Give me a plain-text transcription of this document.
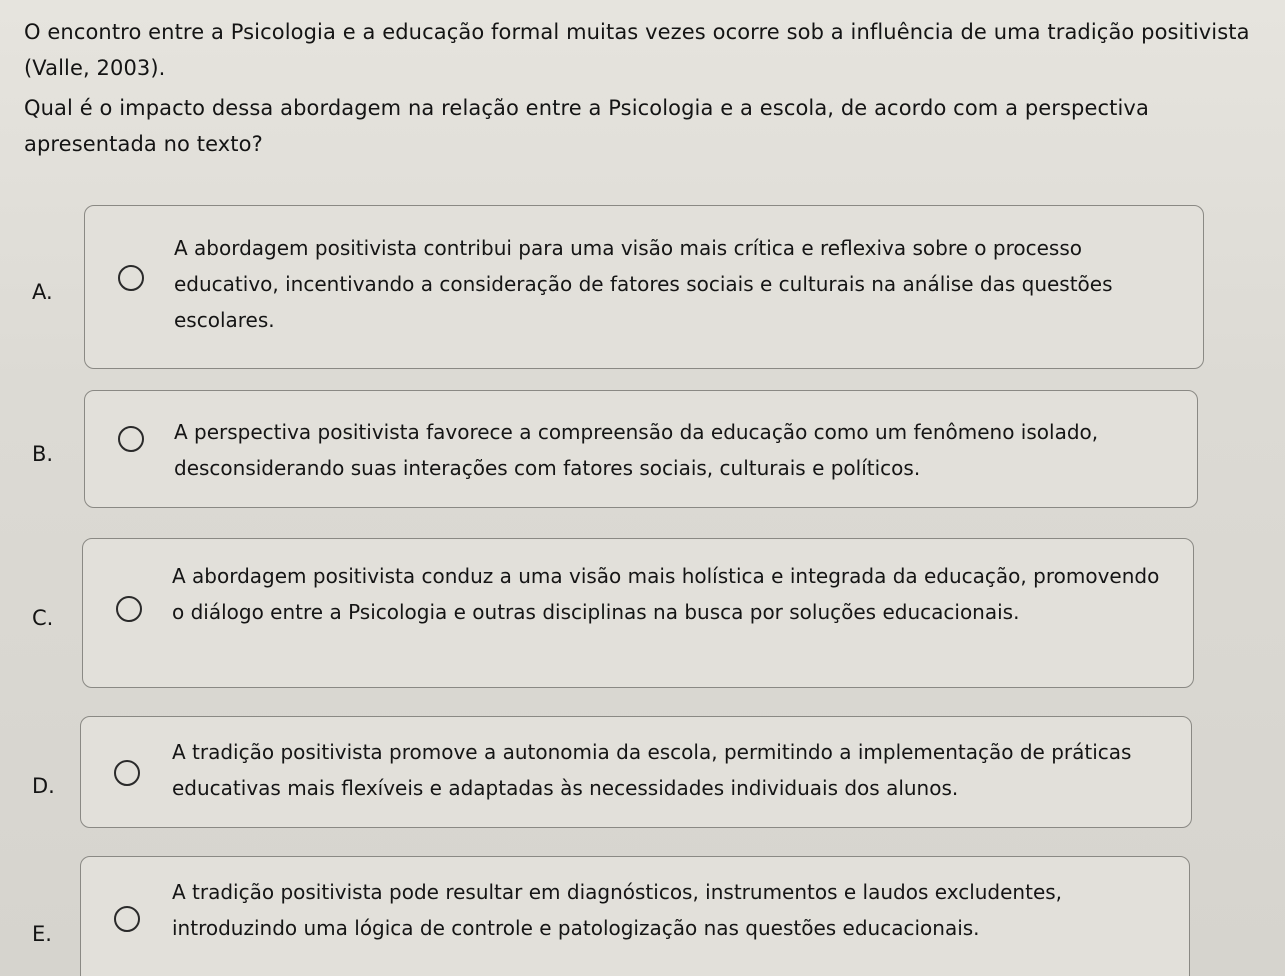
O encontro entre a Psicologia e a educação formal muitas vezes ocorre sob a influência de uma tradição positivista (Valle, 2003).

Qual é o impacto dessa abordagem na relação entre a Psicologia e a escola, de acordo com a perspectiva apresentada no texto?

A.
A abordagem positivista contribui para uma visão mais crítica e reflexiva sobre o processo educativo, incentivando a consideração de fatores sociais e culturais na análise das questões escolares.
B.
A perspectiva positivista favorece a compreensão da educação como um fenômeno isolado, desconsiderando suas interações com fatores sociais, culturais e políticos.
C.
A abordagem positivista conduz a uma visão mais holística e integrada da educação, promovendo o diálogo entre a Psicologia e outras disciplinas na busca por soluções educacionais.
D.
A tradição positivista promove a autonomia da escola, permitindo a implementação de práticas educativas mais flexíveis e adaptadas às necessidades individuais dos alunos.
E.
A tradição positivista pode resultar em diagnósticos, instrumentos e laudos excludentes, introduzindo uma lógica de controle e patologização nas questões educacionais.
